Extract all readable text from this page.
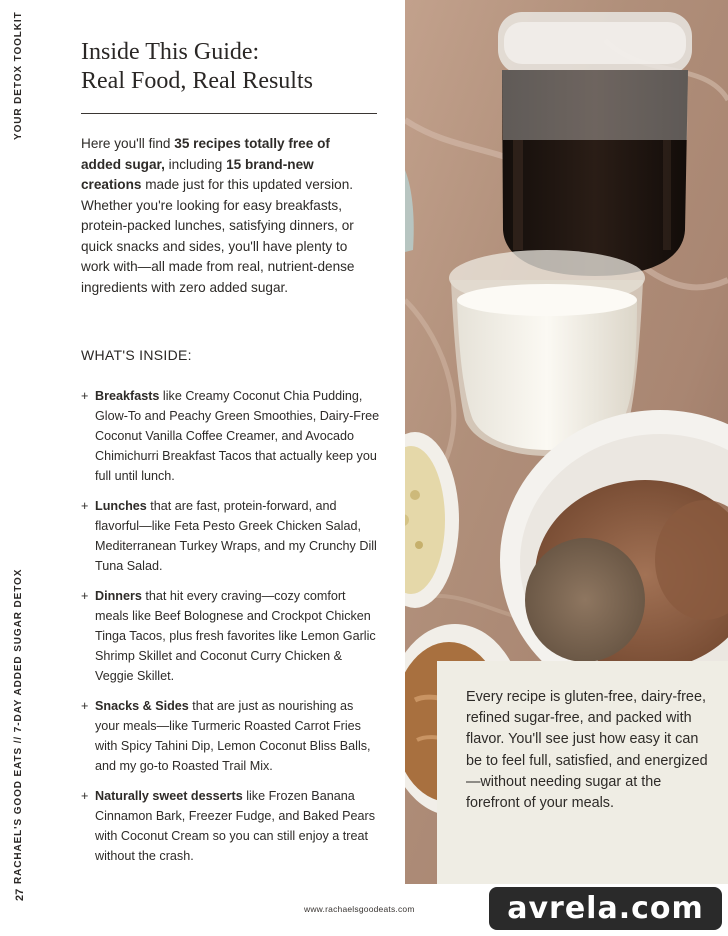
YOUR DETOX TOOLKIT
RACHAEL'S GOOD EATS // 7-DAY ADDED SUGAR DETOX
27
Inside This Guide:
Real Food, Real Results

Here you'll find 35 recipes totally free of added sugar, including 15 brand-new creations made just for this updated version. Whether you're looking for easy breakfasts, protein-packed lunches, satisfying dinners, or quick snacks and sides, you'll have plenty to work with—all made from real, nutrient-dense ingredients with zero added sugar.

WHAT'S INSIDE:
+ Breakfasts like Creamy Coconut Chia Pudding, Glow-To and Peachy Green Smoothies, Dairy-Free Coconut Vanilla Coffee Creamer, and Avocado Chimichurri Breakfast Tacos that actually keep you full until lunch.
+ Lunches that are fast, protein-forward, and flavorful—like Feta Pesto Greek Chicken Salad, Mediterranean Turkey Wraps, and my Crunchy Dill Tuna Salad.
+ Dinners that hit every craving—cozy comfort meals like Beef Bolognese and Crockpot Chicken Tinga Tacos, plus fresh favorites like Lemon Garlic Shrimp Skillet and Coconut Curry Chicken & Veggie Skillet.
+ Snacks & Sides that are just as nourishing as your meals—like Turmeric Roasted Carrot Fries with Spicy Tahini Dip, Lemon Coconut Bliss Balls, and my go-to Roasted Trail Mix.
+ Naturally sweet desserts like Frozen Banana Cinnamon Bark, Freezer Fudge, and Baked Pears with Coconut Cream so you can still enjoy a treat without the crash.
www.rachaelsgoodeats.com

Every recipe is gluten-free, dairy-free, refined sugar-free, and packed with flavor. You'll see just how easy it can be to feel full, satisfied, and energized—without needing sugar at the forefront of your meals.

avrela.com
